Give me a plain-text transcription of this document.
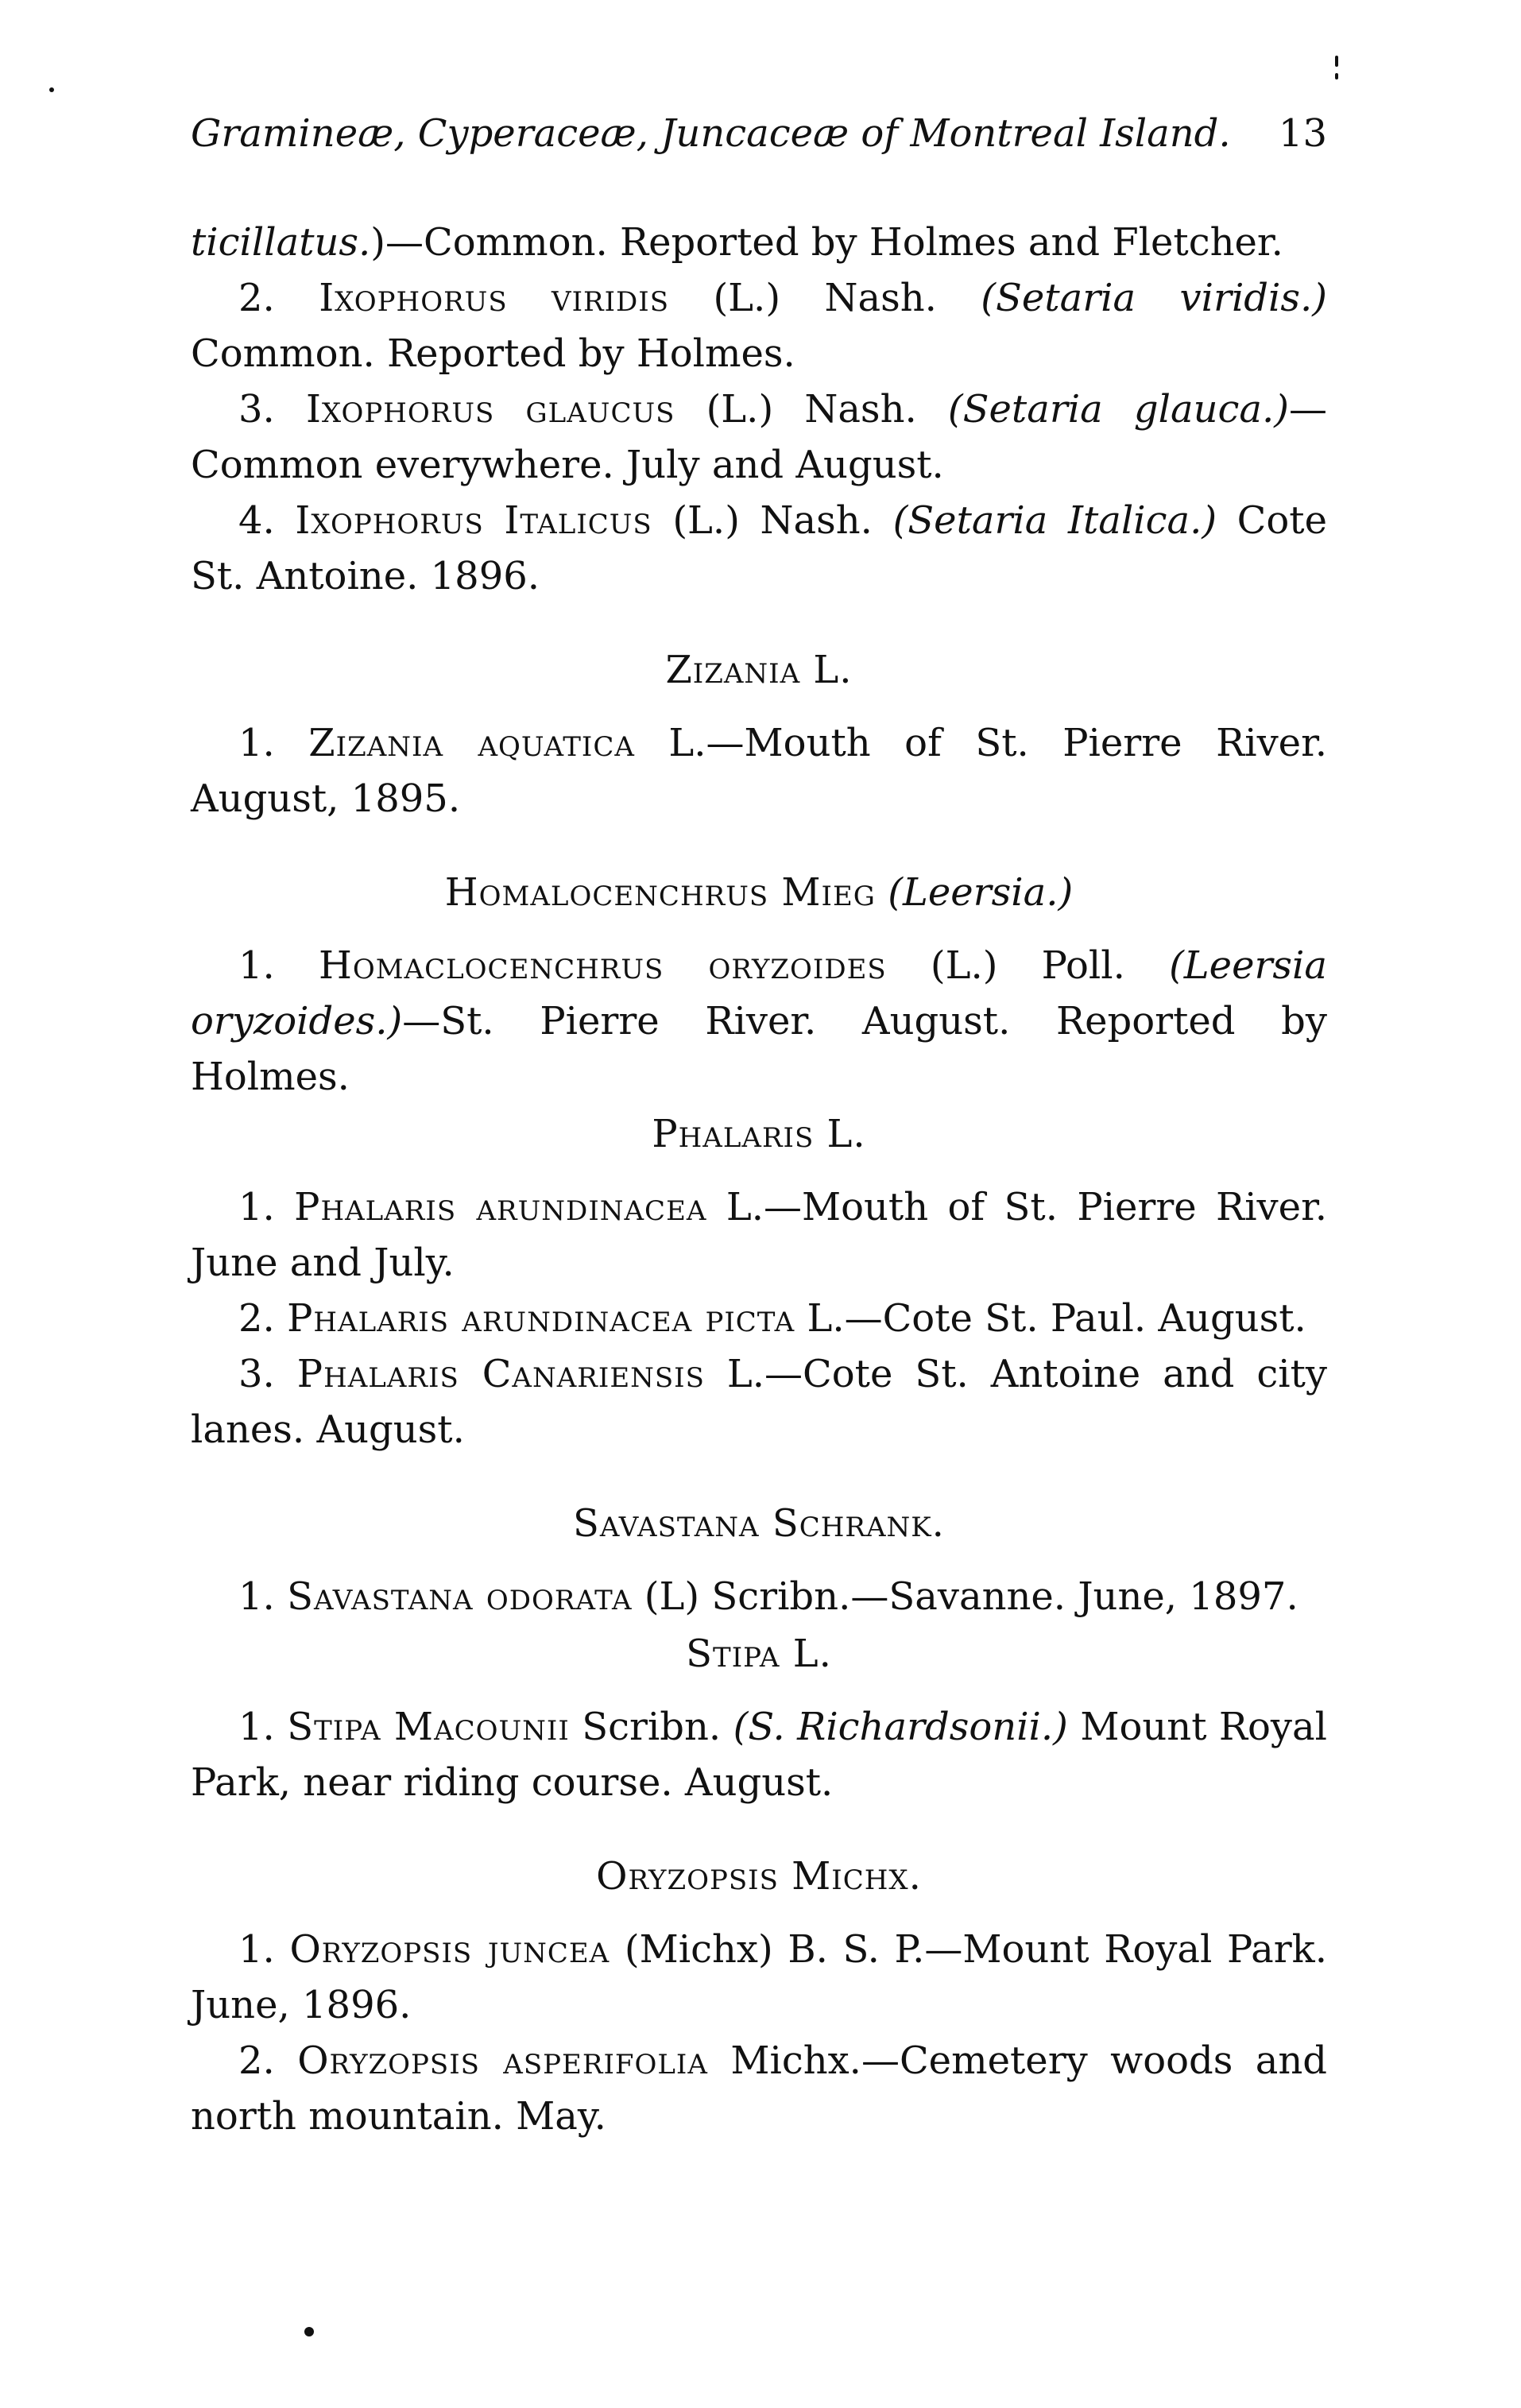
Gramineæ, Cyperaceæ, Juncaceæ of Montreal Island. 13

ticillatus.)—Common. Reported by Holmes and Fletcher.

2. Ixophorus viridis (L.) Nash. (Setaria viridis.) Common. Reported by Holmes.

3. Ixophorus glaucus (L.) Nash. (Setaria glauca.)—Common everywhere. July and August.

4. Ixophorus Italicus (L.) Nash. (Setaria Italica.) Cote St. Antoine. 1896.

Zizania L.

1. Zizania aquatica L.—Mouth of St. Pierre River. August, 1895.

Homalocenchrus Mieg (Leersia.)

1. Homaclocenchrus oryzoides (L.) Poll. (Leersia oryzoides.)—St. Pierre River. August. Reported by Holmes.

Phalaris L.

1. Phalaris arundinacea L.—Mouth of St. Pierre River. June and July.

2. Phalaris arundinacea picta L.—Cote St. Paul. August.

3. Phalaris Canariensis L.—Cote St. Antoine and city lanes. August.

Savastana Schrank.

1. Savastana odorata (L) Scribn.—Savanne. June, 1897.

Stipa L.

1. Stipa Macounii Scribn. (S. Richardsonii.) Mount Royal Park, near riding course. August.

Oryzopsis Michx.

1. Oryzopsis juncea (Michx) B. S. P.—Mount Royal Park. June, 1896.

2. Oryzopsis asperifolia Michx.—Cemetery woods and north mountain. May.
